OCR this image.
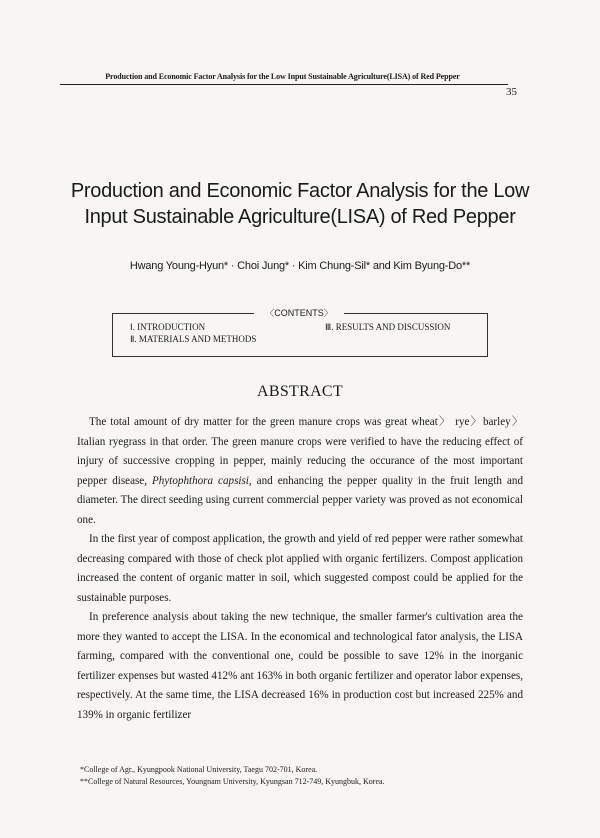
Production and Economic Factor Analysis for the Low Input Sustainable Agriculture(LISA) of Red Pepper
35
Production and Economic Factor Analysis for the Low
Input Sustainable Agriculture(LISA) of Red Pepper
Hwang Young-Hyun* · Choi Jung* · Kim Chung-Sil* and Kim Byung-Do**
〈CONTENTS〉
Ⅰ. INTRODUCTION
Ⅱ. MATERIALS AND METHODS
Ⅲ. RESULTS AND DISCUSSION
ABSTRACT

The total amount of dry matter for the green manure crops was great wheat〉 rye〉barley〉Italian ryegrass in that order. The green manure crops were verified to have the reducing effect of injury of successive cropping in pepper, mainly reducing the occurance of the most important pepper disease, Phytophthora capsisi, and enhancing the pepper quality in the fruit length and diameter. The direct seeding using current commercial pepper variety was proved as not economical one.

In the first year of compost application, the growth and yield of red pepper were rather somewhat decreasing compared with those of check plot applied with organic fertilizers. Compost application increased the content of organic matter in soil, which suggested compost could be applied for the sustainable purposes.

In preference analysis about taking the new technique, the smaller farmer's cultivation area the more they wanted to accept the LISA. In the economical and technological fator analysis, the LISA farming, compared with the conventional one, could be possible to save 12% in the inorganic fertilizer expenses but wasted 412% ant 163% in both organic fertilizer and operator labor expenses, respectively. At the same time, the LISA decreased 16% in production cost but increased 225% and 139% in organic fertilizer

*College of Agr., Kyungpook National University, Taegu 702-701, Korea.
**College of Natural Resources, Youngnam University, Kyungsan 712-749, Kyungbuk, Korea.
